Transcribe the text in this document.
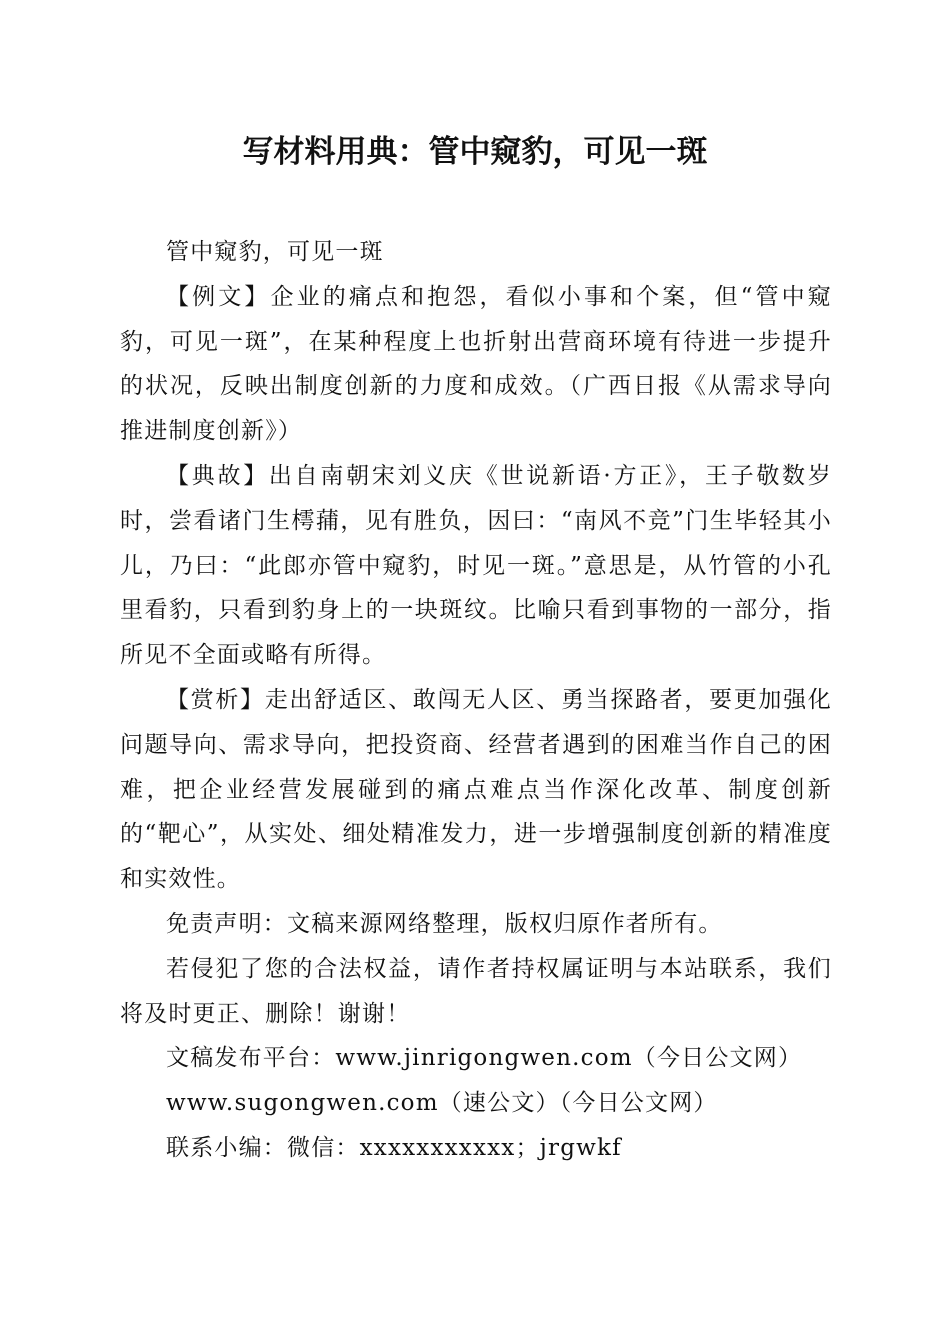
写材料用典：管中窥豹，可见一斑

管中窥豹，可见一斑

【例文】企业的痛点和抱怨，看似小事和个案，但“管中窥豹，可见一斑”，在某种程度上也折射出营商环境有待进一步提升的状况，反映出制度创新的力度和成效。（广西日报《从需求导向推进制度创新》）

【典故】出自南朝宋刘义庆《世说新语·方正》，王子敬数岁时，尝看诸门生樗蒱，见有胜负，因曰：“南风不竞”门生毕轻其小儿，乃曰：“此郎亦管中窥豹，时见一斑。”意思是，从竹管的小孔里看豹，只看到豹身上的一块斑纹。比喻只看到事物的一部分，指所见不全面或略有所得。

【赏析】走出舒适区、敢闯无人区、勇当探路者，要更加强化问题导向、需求导向，把投资商、经营者遇到的困难当作自己的困难，把企业经营发展碰到的痛点难点当作深化改革、制度创新的“靶心”，从实处、细处精准发力，进一步增强制度创新的精准度和实效性。

免责声明：文稿来源网络整理，版权归原作者所有。

若侵犯了您的合法权益，请作者持权属证明与本站联系，我们将及时更正、删除！谢谢！

文稿发布平台：www.jinrigongwen.com（今日公文网）

www.sugongwen.com（速公文）（今日公文网）

联系小编：微信：xxxxxxxxxxx；jrgwkf
